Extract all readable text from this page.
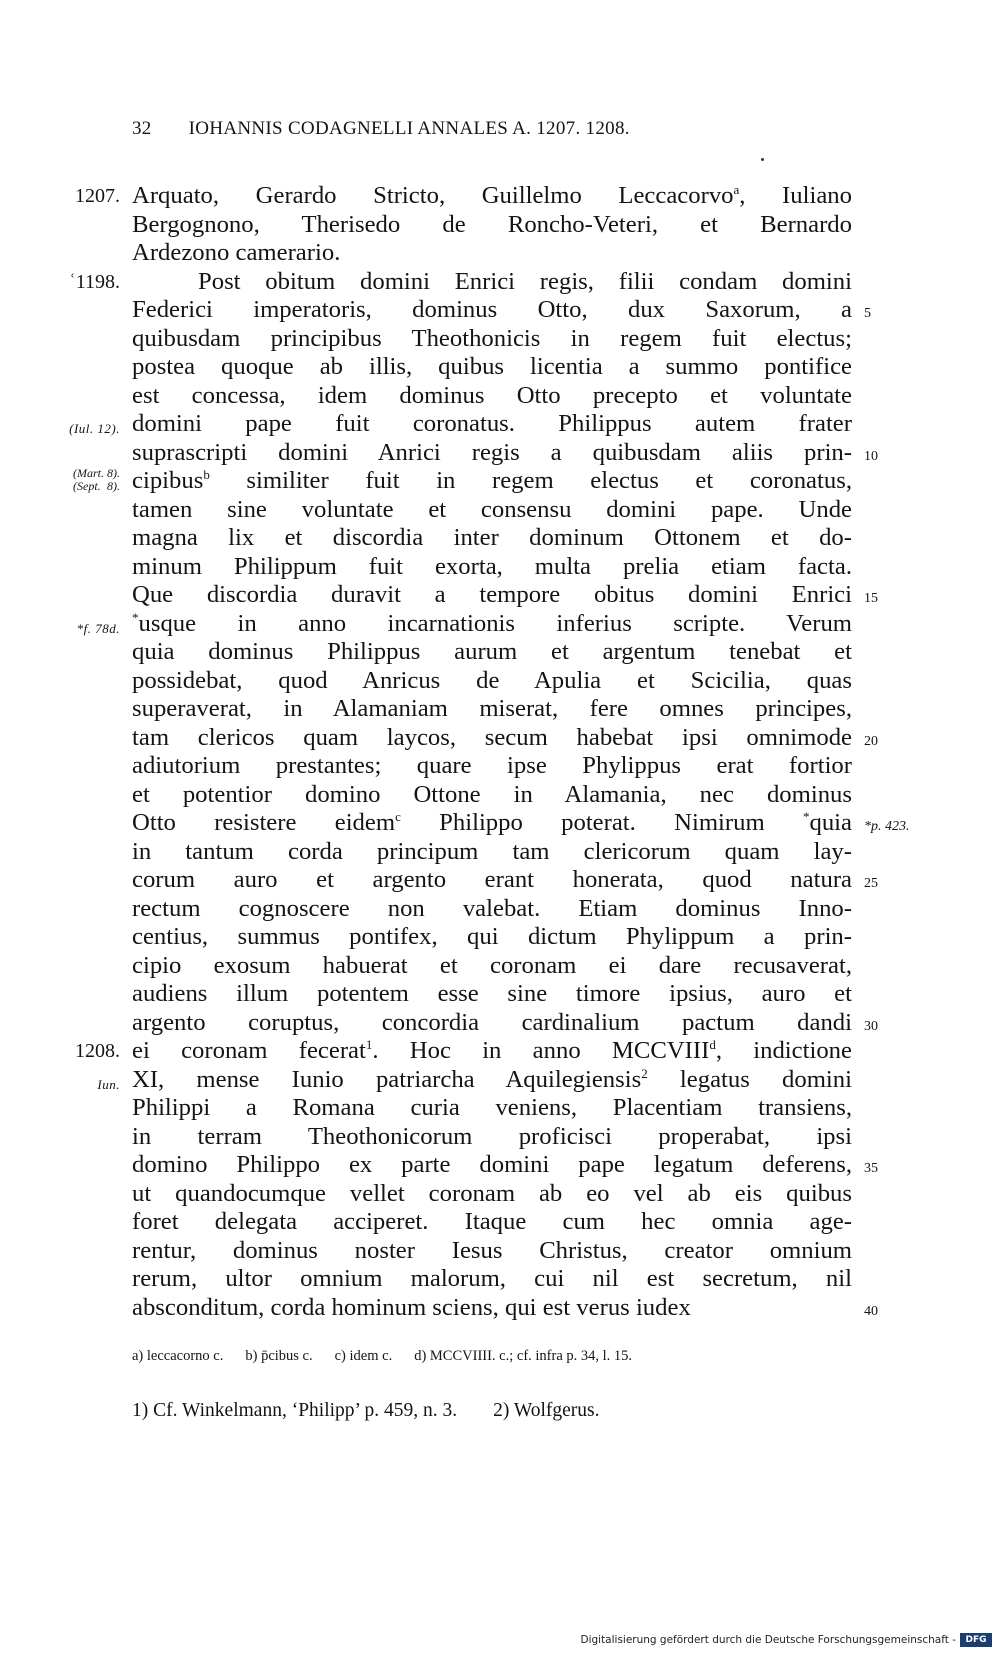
32 IOHANNIS CODAGNELLI ANNALES A. 1207. 1208.
Arquato, Gerardo Stricto, Guillelmo Leccacorvo$^a$, Iuliano
1207.
Bergognono, Therisedo de Roncho-Veteri, et Bernardo
Ardezono camerario.
Post obitum domini Enrici regis, filii condam domini
ʿ1198.
Federici imperatoris, dominus Otto, dux Saxorum, a 5
quibusdam principibus Theothonicis in regem fuit electus;
postea quoque ab illis, quibus licentia a summo pontifice
est concessa, idem dominus Otto precepto et voluntate
domini pape fuit coronatus. Philippus autem frater
(Iul. 12).
suprascripti domini Anrici regis a quibusdam aliis prin- 10
cipibus$^b$ similiter fuit in regem electus et coronatus,
(Mart. 8).
(Sept. 8).
tamen sine voluntate et consensu domini pape. Unde
magna lix et discordia inter dominum Ottonem et do-
minum Philippum fuit exorta, multa prelia etiam facta.
Que discordia duravit a tempore obitus domini Enrici 15
*usque in anno incarnationis inferius scripte. Verum
*f. 78d.
quia dominus Philippus aurum et argentum tenebat et
possidebat, quod Anricus de Apulia et Scicilia, quas
superaverat, in Alamaniam miserat, fere omnes principes,
tam clericos quam laycos, secum habebat ipsi omnimode 20
adiutorium prestantes; quare ipse Phylippus erat fortior
et potentior domino Ottone in Alamania, nec dominus
Otto resistere eidem$^c$ Philippo poterat. Nimirum *quia *p. 423.
in tantum corda principum tam clericorum quam lay-
corum auro et argento erant honerata, quod natura 25
rectum cognoscere non valebat. Etiam dominus Inno-
centius, summus pontifex, qui dictum Phylippum a prin-
cipio exosum habuerat et coronam ei dare recusaverat,
audiens illum potentem esse sine timore ipsius, auro et
argento coruptus, concordia cardinalium pactum dandi 30
ei coronam fecerat$^1$. Hoc in anno MCCVIII$^d$, indictione
1208.
XI, mense Iunio patriarcha Aquilegiensis$^2$ legatus domini
Iun.
Philippi a Romana curia veniens, Placentiam transiens,
in terram Theothonicorum proficisci properabat, ipsi
domino Philippo ex parte domini pape legatum deferens, 35
ut quandocumque vellet coronam ab eo vel ab eis quibus
foret delegata acciperet. Itaque cum hec omnia age-
rentur, dominus noster Iesus Christus, creator omnium
rerum, ultor omnium malorum, cui nil est secretum, nil
absconditum, corda hominum sciens, qui est verus iudex	40
a) leccacorno c. b) p̄cibus c. c) idem c. d) MCCVIIII. c.; cf. infra p. 34, l. 15.
1) Cf. Winkelmann, ‘Philipp’ p. 459, n. 3. 2) Wolfgerus.
Digitalisierung gefördert durch die Deutsche Forschungsgemeinschaft -	DFG
